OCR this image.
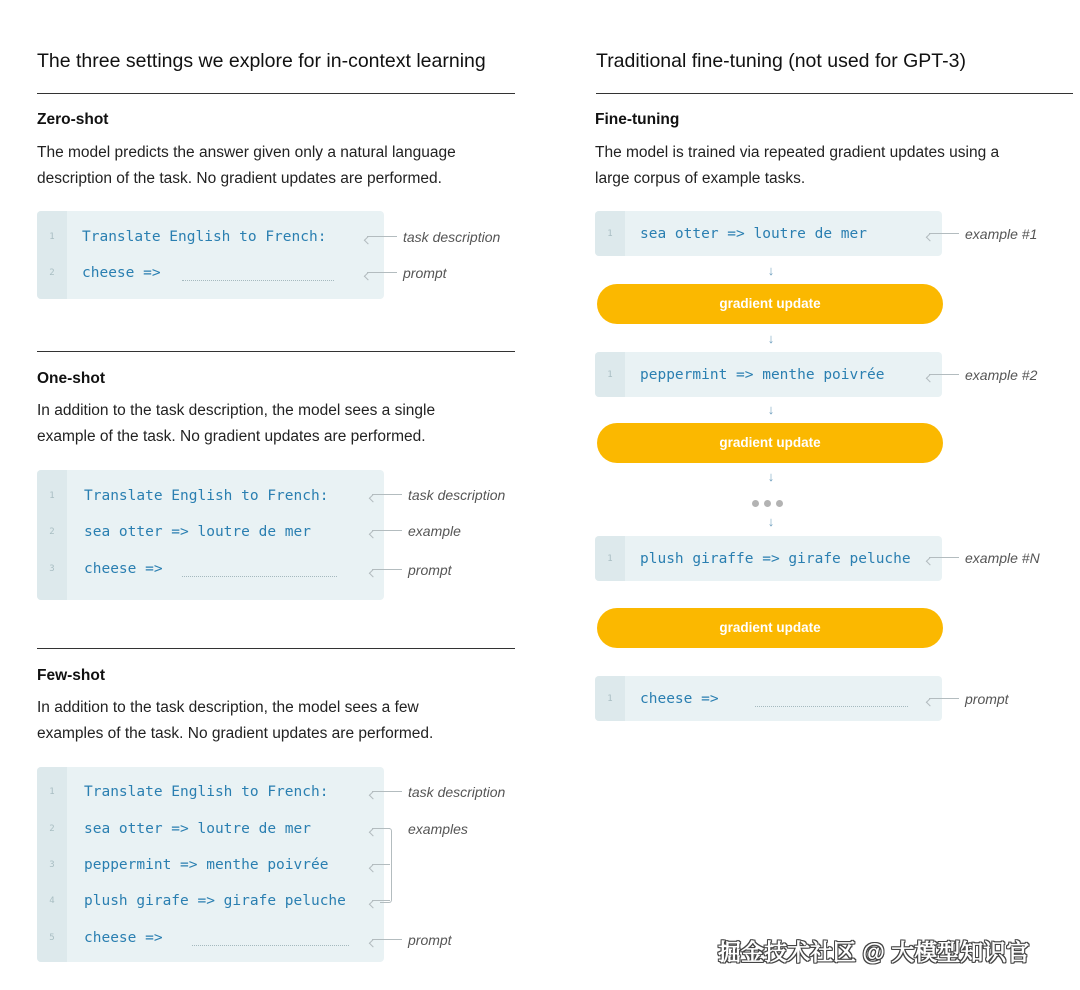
The three settings we explore for in-context learning
Zero-shot
The model predicts the answer given only a natural language
description of the task. No gradient updates are performed.
1	Translate English to French:
2	cheese =>
task description
prompt
One-shot
In addition to the task description, the model sees a single
example of the task. No gradient updates are performed.
1	Translate English to French:
2	sea otter => loutre de mer
3	cheese =>
task description
example
prompt
Few-shot
In addition to the task description, the model sees a few
examples of the task. No gradient updates are performed.
1	Translate English to French:
2	sea otter => loutre de mer
3	peppermint => menthe poivrée
4	plush girafe => girafe peluche
5	cheese =>
task description
examples
prompt
Traditional fine-tuning (not used for GPT-3)
Fine-tuning
The model is trained via repeated gradient updates using a
large corpus of example tasks.
1	sea otter => loutre de mer	example #1
↓
gradient update
↓
1	peppermint => menthe poivrée	example #2
↓
gradient update
↓
↓
1	plush giraffe => girafe peluche	example #N
gradient update
1	cheese =>	prompt
掘金技术社区 @ 大模型知识官
